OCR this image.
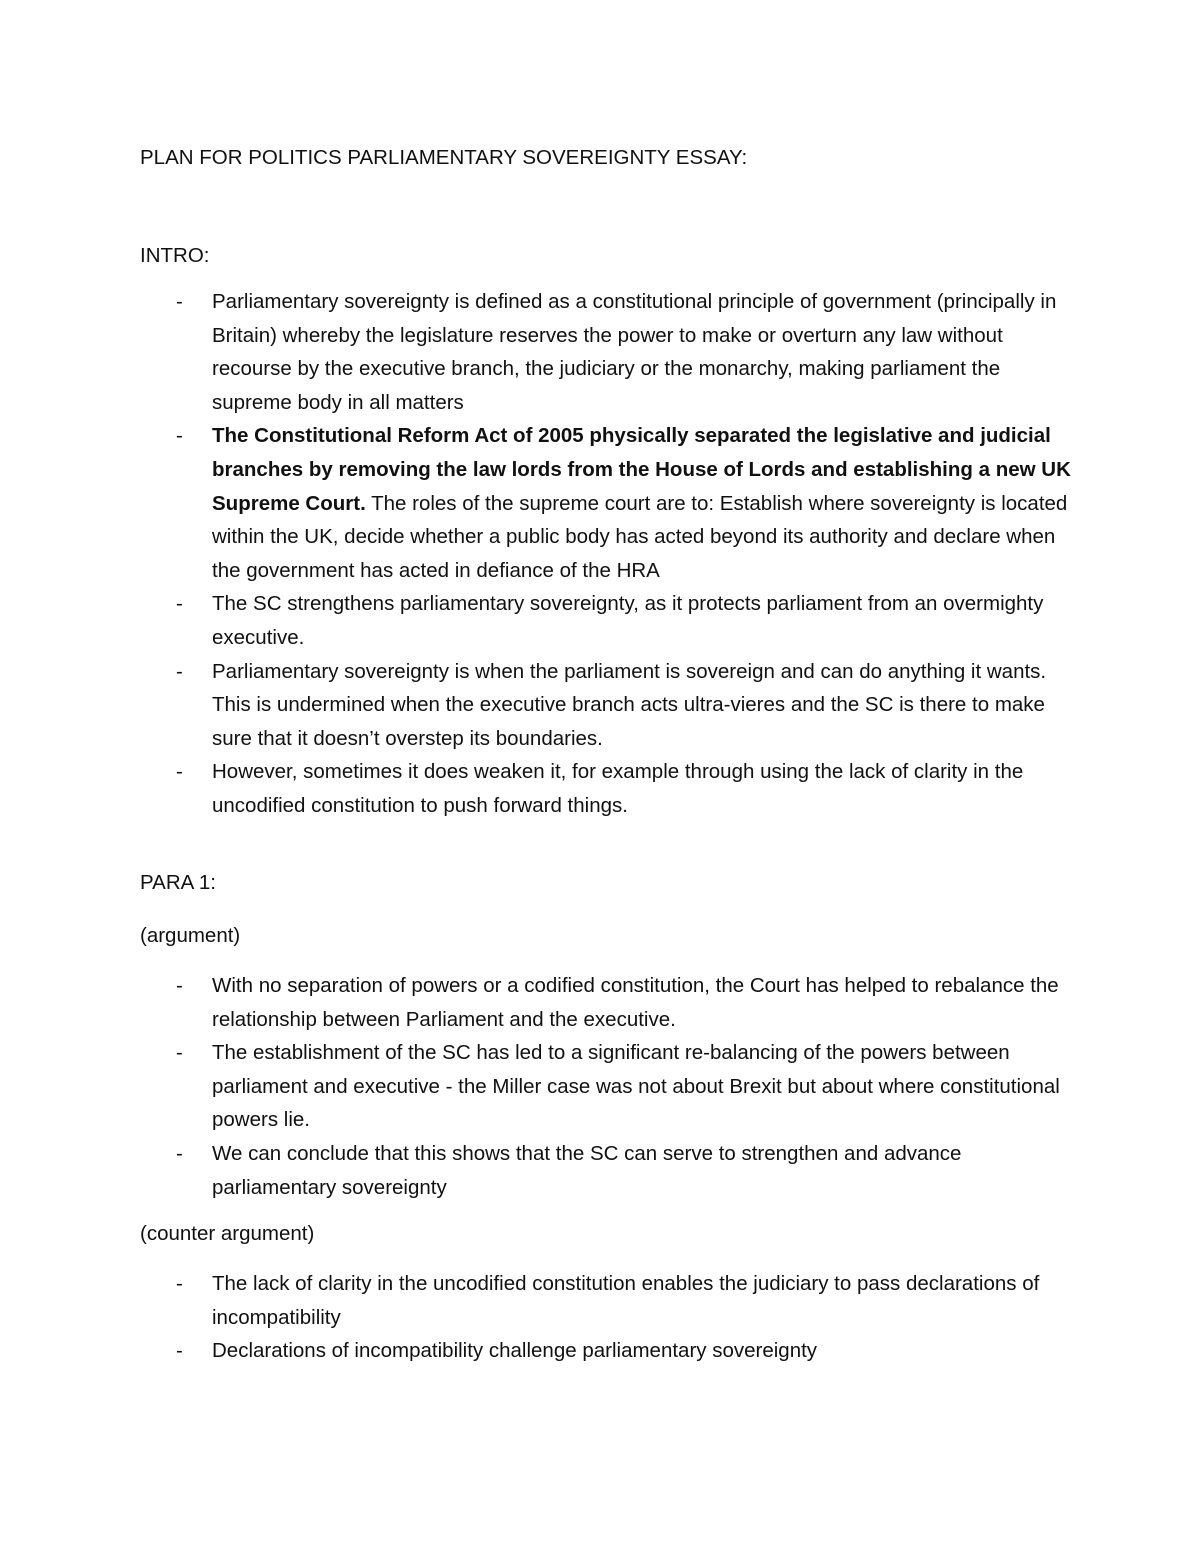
PLAN FOR POLITICS PARLIAMENTARY SOVEREIGNTY ESSAY:
INTRO:
- Parliamentary sovereignty is defined as a constitutional principle of government (principally in Britain) whereby the legislature reserves the power to make or overturn any law without recourse by the executive branch, the judiciary or the monarchy, making parliament the supreme body in all matters
- The Constitutional Reform Act of 2005 physically separated the legislative and judicial branches by removing the law lords from the House of Lords and establishing a new UK Supreme Court. The roles of the supreme court are to: Establish where sovereignty is located within the UK, decide whether a public body has acted beyond its authority and declare when the government has acted in defiance of the HRA
- The SC strengthens parliamentary sovereignty, as it protects parliament from an overmighty executive.
- Parliamentary sovereignty is when the parliament is sovereign and can do anything it wants. This is undermined when the executive branch acts ultra-vieres and the SC is there to make sure that it doesn’t overstep its boundaries.
- However, sometimes it does weaken it, for example through using the lack of clarity in the uncodified constitution to push forward things.
PARA 1:
(argument)
- With no separation of powers or a codified constitution, the Court has helped to rebalance the relationship between Parliament and the executive.
- The establishment of the SC has led to a significant re-balancing of the powers between parliament and executive - the Miller case was not about Brexit but about where constitutional powers lie.
- We can conclude that this shows that the SC can serve to strengthen and advance parliamentary sovereignty
(counter argument)
- The lack of clarity in the uncodified constitution enables the judiciary to pass declarations of incompatibility
- Declarations of incompatibility challenge parliamentary sovereignty
